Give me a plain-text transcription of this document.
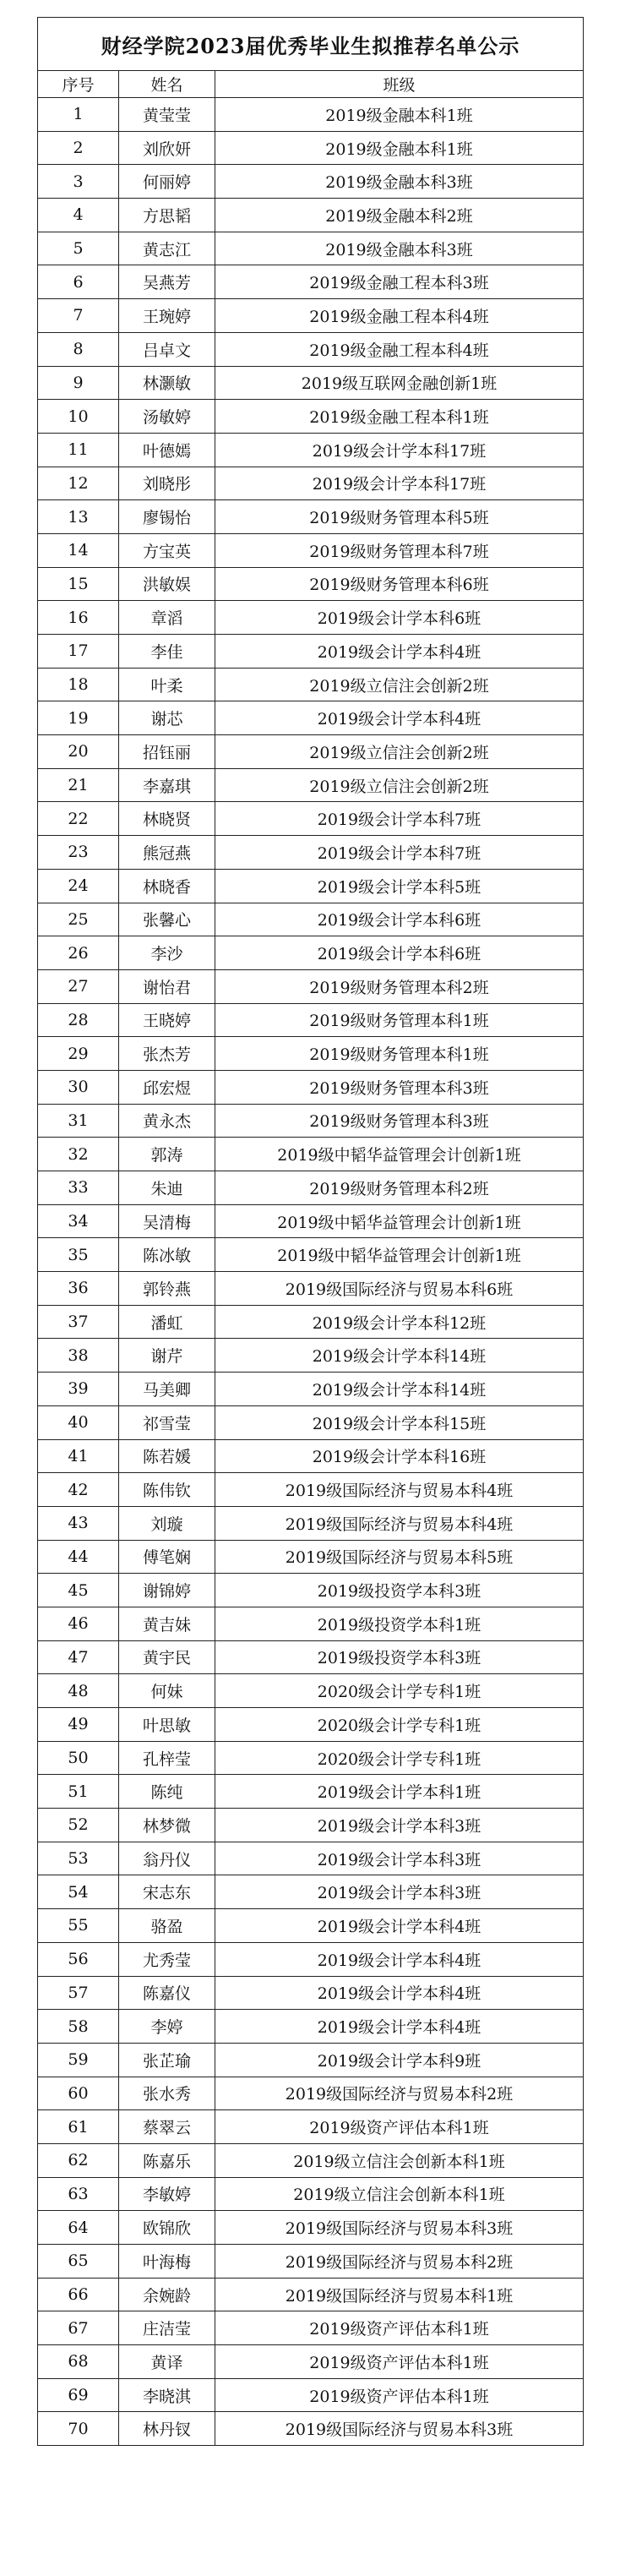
财经学院2023届优秀毕业生拟推荐名单公示		
序号	姓名	班级
1	黄莹莹	2019级金融本科1班
2	刘欣妍	2019级金融本科1班
3	何丽婷	2019级金融本科3班
4	方思韬	2019级金融本科2班
5	黄志江	2019级金融本科3班
6	吴燕芳	2019级金融工程本科3班
7	王琬婷	2019级金融工程本科4班
8	吕卓文	2019级金融工程本科4班
9	林灏敏	2019级互联网金融创新1班
10	汤敏婷	2019级金融工程本科1班
11	叶德嫣	2019级会计学本科17班
12	刘晓彤	2019级会计学本科17班
13	廖锡怡	2019级财务管理本科5班
14	方宝英	2019级财务管理本科7班
15	洪敏娱	2019级财务管理本科6班
16	章滔	2019级会计学本科6班
17	李佳	2019级会计学本科4班
18	叶柔	2019级立信注会创新2班
19	谢芯	2019级会计学本科4班
20	招钰丽	2019级立信注会创新2班
21	李嘉琪	2019级立信注会创新2班
22	林晓贤	2019级会计学本科7班
23	熊冠燕	2019级会计学本科7班
24	林晓香	2019级会计学本科5班
25	张馨心	2019级会计学本科6班
26	李沙	2019级会计学本科6班
27	谢怡君	2019级财务管理本科2班
28	王晓婷	2019级财务管理本科1班
29	张杰芳	2019级财务管理本科1班
30	邱宏煜	2019级财务管理本科3班
31	黄永杰	2019级财务管理本科3班
32	郭涛	2019级中韬华益管理会计创新1班
33	朱迪	2019级财务管理本科2班
34	吴清梅	2019级中韬华益管理会计创新1班
35	陈冰敏	2019级中韬华益管理会计创新1班
36	郭铃燕	2019级国际经济与贸易本科6班
37	潘虹	2019级会计学本科12班
38	谢芹	2019级会计学本科14班
39	马美卿	2019级会计学本科14班
40	祁雪莹	2019级会计学本科15班
41	陈若媛	2019级会计学本科16班
42	陈伟钦	2019级国际经济与贸易本科4班
43	刘璇	2019级国际经济与贸易本科4班
44	傅笔娴	2019级国际经济与贸易本科5班
45	谢锦婷	2019级投资学本科3班
46	黄吉妹	2019级投资学本科1班
47	黄宇民	2019级投资学本科3班
48	何妹	2020级会计学专科1班
49	叶思敏	2020级会计学专科1班
50	孔梓莹	2020级会计学专科1班
51	陈纯	2019级会计学本科1班
52	林梦微	2019级会计学本科3班
53	翁丹仪	2019级会计学本科3班
54	宋志东	2019级会计学本科3班
55	骆盈	2019级会计学本科4班
56	尤秀莹	2019级会计学本科4班
57	陈嘉仪	2019级会计学本科4班
58	李婷	2019级会计学本科4班
59	张芷瑜	2019级会计学本科9班
60	张水秀	2019级国际经济与贸易本科2班
61	蔡翠云	2019级资产评估本科1班
62	陈嘉乐	2019级立信注会创新本科1班
63	李敏婷	2019级立信注会创新本科1班
64	欧锦欣	2019级国际经济与贸易本科3班
65	叶海梅	2019级国际经济与贸易本科2班
66	余婉龄	2019级国际经济与贸易本科1班
67	庄洁莹	2019级资产评估本科1班
68	黄译	2019级资产评估本科1班
69	李晓淇	2019级资产评估本科1班
70	林丹钗	2019级国际经济与贸易本科3班
